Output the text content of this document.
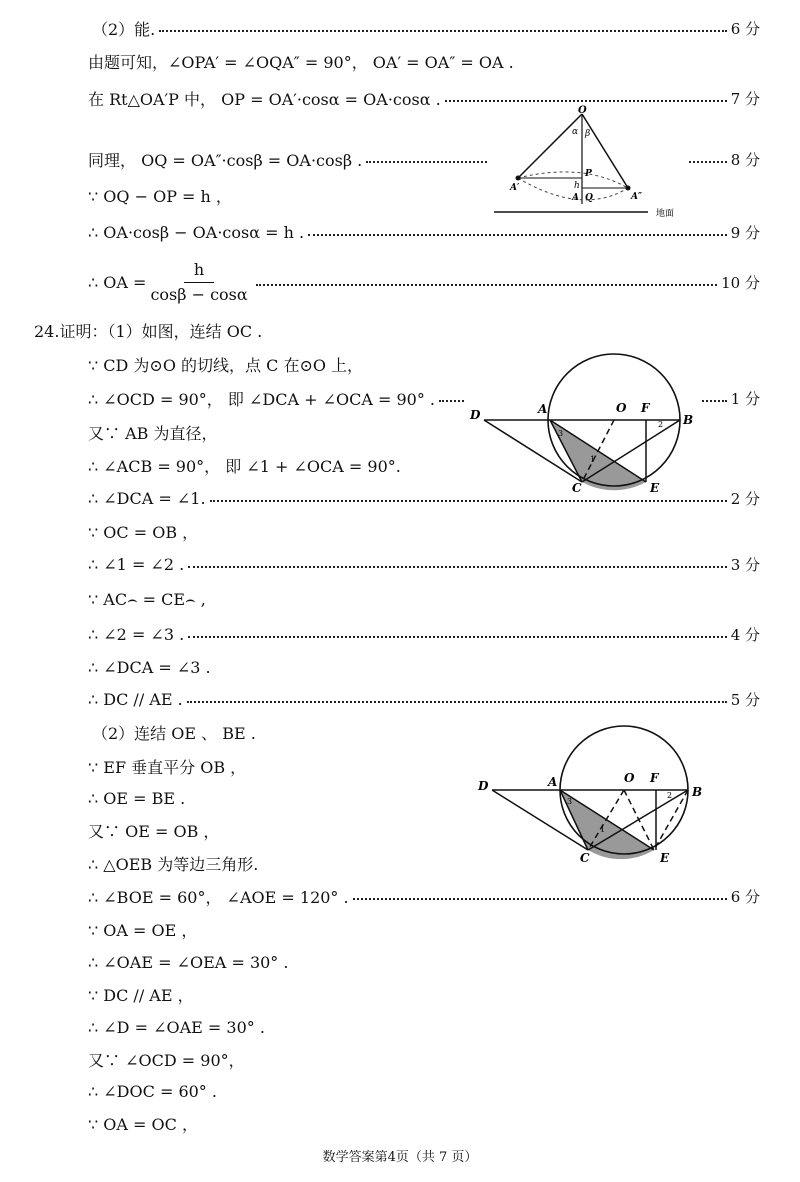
（2）能.	6 分
由题可知，∠OPA′ = ∠OQA″ = 90°， OA′ = OA″ = OA .
在 Rt△OA′P 中， OP = OA′·cosα = OA·cosα .	7 分
同理， OQ = OA″·cosβ = OA·cosβ .	8 分
∵ OQ − OP = h ，
∴ OA·cosβ − OA·cosα = h .	9 分
∴ OA = $\frac{h}{\cos\beta - \cos\alpha}$	10 分
24.证明：（1）如图，连结 OC .
∵ CD 为⊙O 的切线，点 C 在⊙O 上，
∴ ∠OCD = 90°， 即 ∠DCA + ∠OCA = 90° .	1 分
又∵ AB 为直径，
∴ ∠ACB = 90°， 即 ∠1 + ∠OCA = 90°.
∴ ∠DCA = ∠1.	2 分
∵ OC = OB ，
∴ ∠1 = ∠2 .	3 分
∵ AC⌢ = CE⌢ ,
∴ ∠2 = ∠3 .	4 分
∴ ∠DCA = ∠3 .
∴ DC // AE .	5 分
（2）连结 OE 、 BE .
∵ EF 垂直平分 OB ，
∴ OE = BE .
又∵ OE = OB ，
∴ △OEB 为等边三角形.
∴ ∠BOE = 60°， ∠AOE = 120° .	6 分
∵ OA = OE ，
∴ ∠OAE = ∠OEA = 30° .
∵ DC // AE ，
∴ ∠D = ∠OAE = 30° .
又∵ ∠OCD = 90°，
∴ ∠DOC = 60° .
∵ OA = OC ，
O
α β
P
h
A Q
A′
A″
地面
D	A	O F
B
C	E
3
2
1
D	A	O F
B
C	E
3
2
1
数学答案第4页（共 7 页）
